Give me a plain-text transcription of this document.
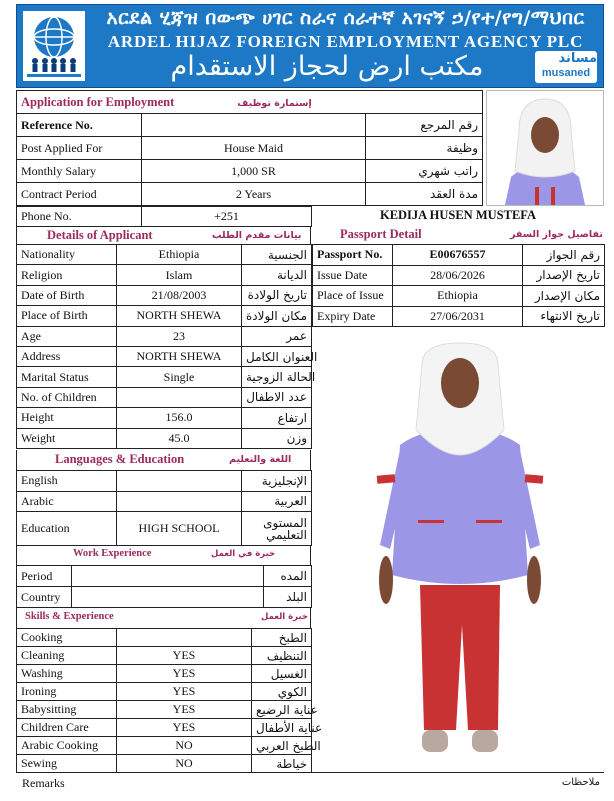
አርደል ሂጃዝ በውጭ ሀገር ስራና ሰራተኛ አገናኝ ኃ/የተ/የግ/ማህበር
ARDEL HIJAZ FOREIGN EMPLOYMENT AGENCY PLC
مكتب ارض لحجاز الاستقدام	مساند
musaned
Application for Employment إستمارة توظيف		
Reference No.		رقم المرجع
Post Applied For	House Maid	وظيفة
Monthly Salary	1,000 SR	راتب شهري
Contract Period	2 Years	مدة العقد
Phone No.	+251	KEDIJA HUSEN MUSTEFA
Details of Applicant	بيانات مقدم الطلب
Nationality	Ethiopia	الجنسية
Religion	Islam	الديانة
Date of Birth	21/08/2003	تاريخ الولادة
Place of Birth	NORTH SHEWA	مكان الولادة
Age	23	عمر
Address	NORTH SHEWA	العنوان الكامل
Marital Status	Single	الحالة الزوجية
No. of Children		عدد الاطفال
Height	156.0	ارتفاع
Weight	45.0	وزن
Passport Detail	تفاصيل جواز السفر
Passport No.	E00676557	رقم الجواز
Issue Date	28/06/2026	تاريخ الإصدار
Place of Issue	Ethiopia	مكان الإصدار
Expiry Date	27/06/2031	تاريخ الانتهاء
Languages & Education	اللغة والتعليم
English		الإنجليزية
Arabic		العربية
Education	HIGH SCHOOL	المستوى التعليمي
Work Experience	خبرة في العمل
Period		المده
Country		البلد
Skills & Experience	خبرة العمل
Cooking		الطبخ
Cleaning	YES	التنظيف
Washing	YES	الغسيل
Ironing	YES	الكوي
Babysitting	YES	عناية الرضيع
Children Care	YES	عناية الأطفال
Arabic Cooking	NO	الطبخ العربي
Sewing	NO	خياطة
Remarks	ملاحظات
